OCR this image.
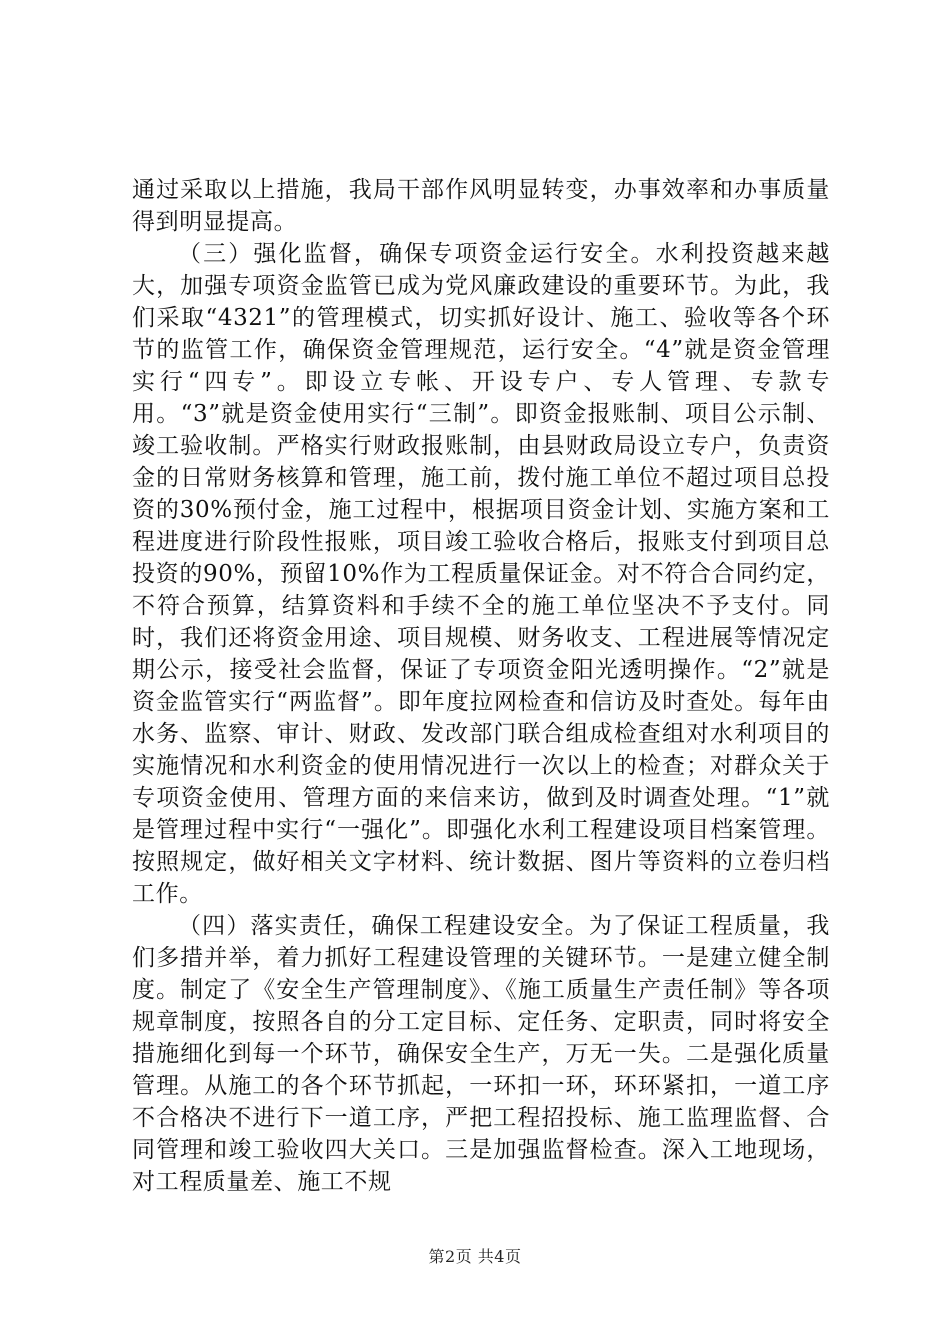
通过采取以上措施，我局干部作风明显转变，办事效率和办事质量得到明显提高。

（三）强化监督，确保专项资金运行安全。水利投资越来越大，加强专项资金监管已成为党风廉政建设的重要环节。为此，我们采取“4321”的管理模式，切实抓好设计、施工、验收等各个环节的监管工作，确保资金管理规范，运行安全。“4”就是资金管理实行“四专”。即设立专帐、开设专户、专人管理、专款专用。“3”就是资金使用实行“三制”。即资金报账制、项目公示制、竣工验收制。严格实行财政报账制，由县财政局设立专户，负责资金的日常财务核算和管理，施工前，拨付施工单位不超过项目总投资的30%预付金，施工过程中，根据项目资金计划、实施方案和工程进度进行阶段性报账，项目竣工验收合格后，报账支付到项目总投资的90%，预留10%作为工程质量保证金。对不符合合同约定，不符合预算，结算资料和手续不全的施工单位坚决不予支付。同时，我们还将资金用途、项目规模、财务收支、工程进展等情况定期公示，接受社会监督，保证了专项资金阳光透明操作。“2”就是资金监管实行“两监督”。即年度拉网检查和信访及时查处。每年由水务、监察、审计、财政、发改部门联合组成检查组对水利项目的实施情况和水利资金的使用情况进行一次以上的检查；对群众关于专项资金使用、管理方面的来信来访，做到及时调查处理。“1”就是管理过程中实行“一强化”。即强化水利工程建设项目档案管理。按照规定，做好相关文字材料、统计数据、图片等资料的立卷归档工作。

（四）落实责任，确保工程建设安全。为了保证工程质量，我们多措并举，着力抓好工程建设管理的关键环节。一是建立健全制度。制定了《安全生产管理制度》、《施工质量生产责任制》等各项规章制度，按照各自的分工定目标、定任务、定职责，同时将安全措施细化到每一个环节，确保安全生产，万无一失。二是强化质量管理。从施工的各个环节抓起，一环扣一环，环环紧扣，一道工序不合格决不进行下一道工序，严把工程招投标、施工监理监督、合同管理和竣工验收四大关口。三是加强监督检查。深入工地现场，对工程质量差、施工不规

第2页 共4页
